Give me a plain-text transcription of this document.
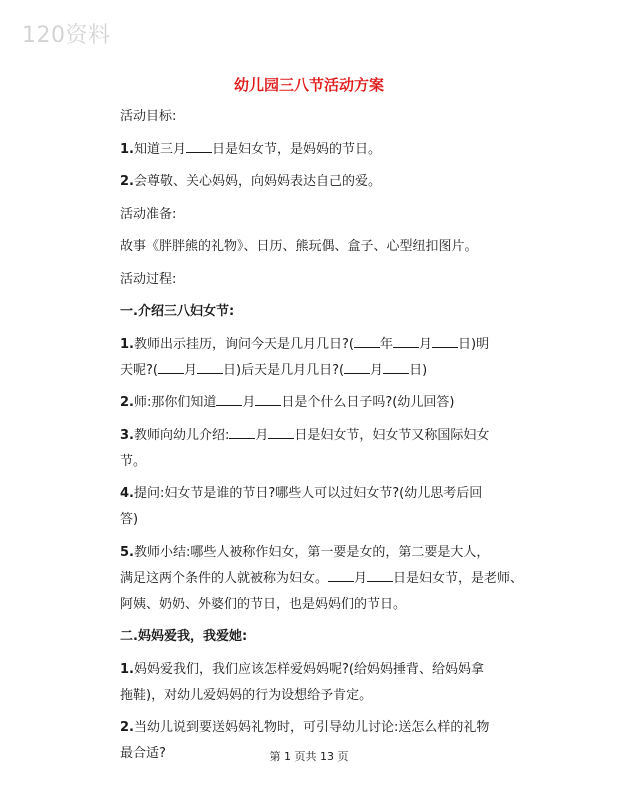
120资料
幼儿园三八节活动方案

活动目标:

1.知道三月 日是妇女节，是妈妈的节日。

2.会尊敬、关心妈妈，向妈妈表达自己的爱。

活动准备:

故事《胖胖熊的礼物》、日历、熊玩偶、盒子、心型纽扣图片。

活动过程:

一.介绍三八妇女节:

1.教师出示挂历，询问今天是几月几日?( 年 月 日)明
天呢?( 月 日)后天是几月几日?( 月 日)

2.师:那你们知道 月 日是个什么日子吗?(幼儿回答)

3.教师向幼儿介绍: 月 日是妇女节，妇女节又称国际妇女
节。

4.提问:妇女节是谁的节日?哪些人可以过妇女节?(幼儿思考后回
答)

5.教师小结:哪些人被称作妇女，第一要是女的，第二要是大人，
满足这两个条件的人就被称为妇女。 月 日是妇女节，是老师、
阿姨、奶奶、外婆们的节日，也是妈妈们的节日。

二.妈妈爱我，我爱她:

1.妈妈爱我们，我们应该怎样爱妈妈呢?(给妈妈捶背、给妈妈拿
拖鞋)，对幼儿爱妈妈的行为设想给予肯定。

2.当幼儿说到要送妈妈礼物时，可引导幼儿讨论:送怎么样的礼物
最合适?	第 1 页共 13 页
